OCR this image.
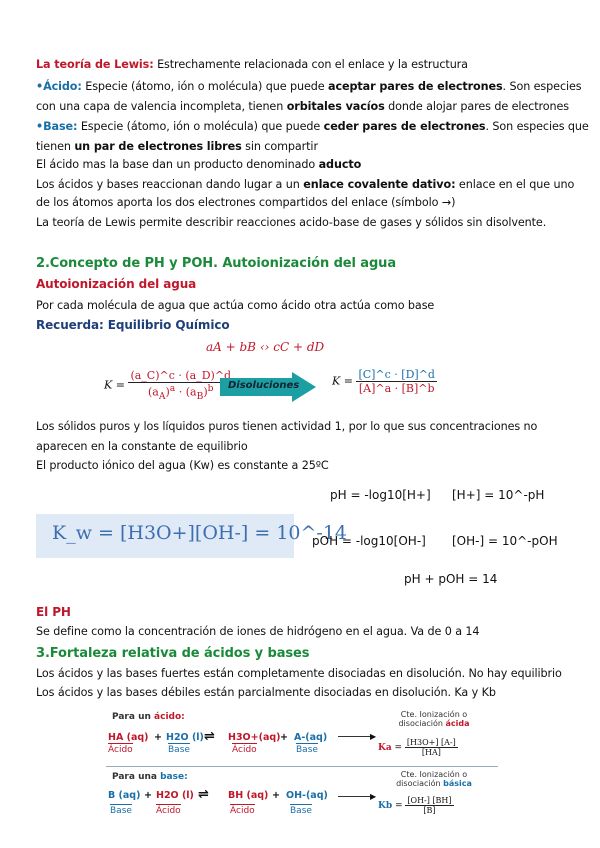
La teoría de Lewis: Estrechamente relacionada con el enlace y la estructura
•Ácido: Especie (átomo, ión o molécula) que puede aceptar pares de electrones. Son especies
con una capa de valencia incompleta, tienen orbitales vacíos donde alojar pares de electrones
•Base: Especie (átomo, ión o molécula) que puede ceder pares de electrones. Son especies que
tienen un par de electrones libres sin compartir
El ácido mas la base dan un producto denominado aducto
Los ácidos y bases reaccionan dando lugar a un enlace covalente dativo: enlace en el que uno
de los átomos aporta los dos electrones compartidos del enlace (símbolo →)
La teoría de Lewis permite describir reacciones acido-base de gases y sólidos sin disolvente.
2.Concepto de PH y POH. Autoionización del agua
Autoionización del agua
Por cada molécula de agua que actúa como ácido otra actúa como base
Recuerda: Equilibrio Químico
aA + bB ‹› cC + dD
$K = \frac{(a\_C)\^{}c \cdot (a\_D)\^{}d}{(a_A)^a \cdot (a_B)^b}$
Disoluciones	$K = \frac{[C]\^{}c \cdot [D]\^{}d}{[A]\^{}a \cdot [B]\^{}b}$
Los sólidos puros y los líquidos puros tienen actividad 1, por lo que sus concentraciones no
aparecen en la constante de equilibrio
El producto iónico del agua (Kw) es constante a 25ºC
pH = -log10[H+] [H+] = 10^-pH
K_w = [H3O+][OH-] = 10^-14
pOH = -log10[OH-] [OH-] = 10^-pOH
pH + pOH = 14
El PH
Se define como la concentración de iones de hidrógeno en el agua. Va de 0 a 14
3.Fortaleza relativa de ácidos y bases
Los ácidos y las bases fuertes están completamente disociadas en disolución. No hay equilibrio
Los ácidos y las bases débiles están parcialmente disociadas en disolución. Ka y Kb
Para un ácido:
HA (aq) + H2O (l) ⇌ H3O+(aq) + A-(aq)
Ácido	Base	Ácido	Base
▶
Cte. Ionización o
disociación ácida
$Ka = \frac{[H3O+] [A-]}{[HA]}$
Para una base:
B (aq) + H2O (l) ⇌ BH (aq) + OH-(aq)
Base	Ácido	Ácido	Base
▶
Cte. Ionización o
disociación básica
$Kb = \frac{[OH-] [BH]}{[B]}$
